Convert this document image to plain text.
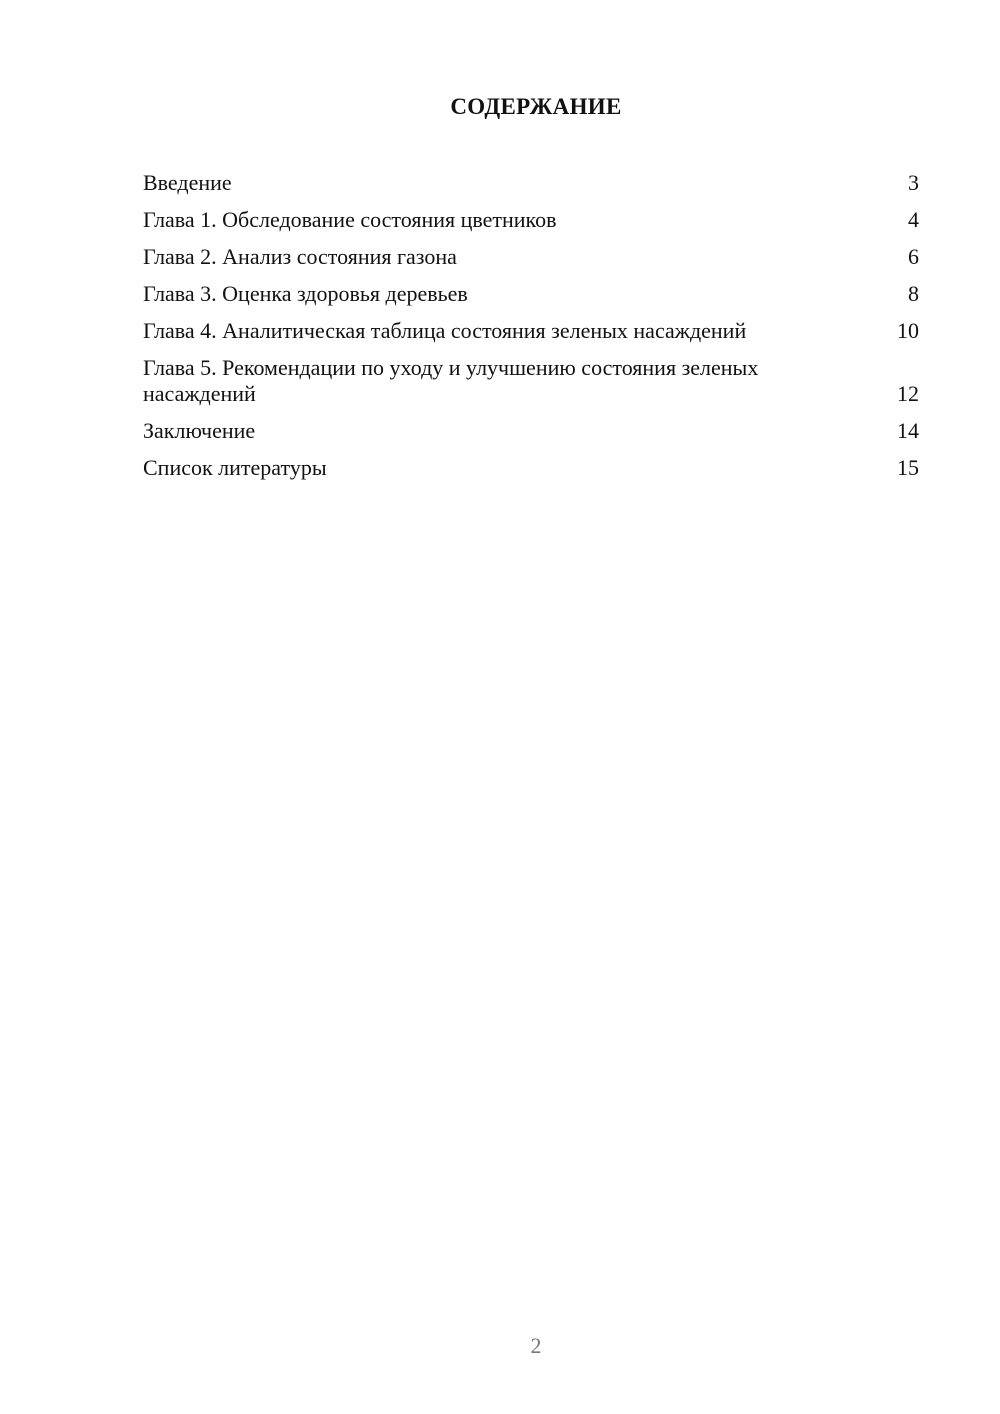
СОДЕРЖАНИЕ
Введение	3
Глава 1. Обследование состояния цветников	4
Глава 2. Анализ состояния газона	6
Глава 3. Оценка здоровья деревьев	8
Глава 4. Аналитическая таблица состояния зеленых насаждений	10
Глава 5. Рекомендации по уходу и улучшению состояния зеленых насаждений	12
Заключение	14
Список литературы	15
2
